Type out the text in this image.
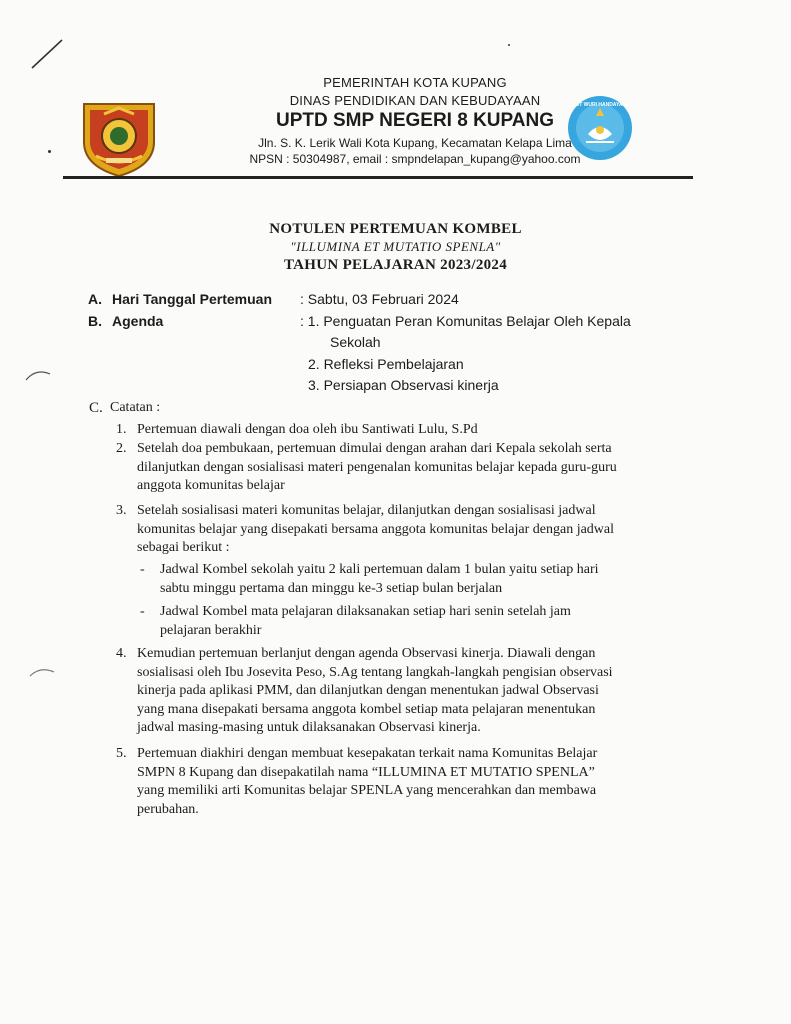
TUT WURI HANDAYANI
PEMERINTAH KOTA KUPANG
DINAS PENDIDIKAN DAN KEBUDAYAAN
UPTD SMP NEGERI 8 KUPANG
Jln. S. K. Lerik Wali Kota Kupang, Kecamatan Kelapa Lima
NPSN : 50304987, email : smpndelapan_kupang@yahoo.com
NOTULEN PERTEMUAN KOMBEL
"ILLUMINA ET MUTATIO SPENLA"
TAHUN PELAJARAN 2023/2024
A. Hari Tanggal Pertemuan : Sabtu, 03 Februari 2024
B. Agenda	: 1. Penguatan Peran Komunitas Belajar Oleh Kepala
Sekolah
2. Refleksi Pembelajaran
3. Persiapan Observasi kinerja
C. Catatan :
1. Pertemuan diawali dengan doa oleh ibu Santiwati Lulu, S.Pd
2. Setelah doa pembukaan, pertemuan dimulai dengan arahan dari Kepala sekolah serta
dilanjutkan dengan sosialisasi materi pengenalan komunitas belajar kepada guru-guru
anggota komunitas belajar
3. Setelah sosialisasi materi komunitas belajar, dilanjutkan dengan sosialisasi jadwal
komunitas belajar yang disepakati bersama anggota komunitas belajar dengan jadwal
sebagai berikut :
- Jadwal Kombel sekolah yaitu 2 kali pertemuan dalam 1 bulan yaitu setiap hari
sabtu minggu pertama dan minggu ke-3 setiap bulan berjalan
- Jadwal Kombel mata pelajaran dilaksanakan setiap hari senin setelah jam
pelajaran berakhir
4. Kemudian pertemuan berlanjut dengan agenda Observasi kinerja. Diawali dengan
sosialisasi oleh Ibu Josevita Peso, S.Ag tentang langkah-langkah pengisian observasi
kinerja pada aplikasi PMM, dan dilanjutkan dengan menentukan jadwal Observasi
yang mana disepakati bersama anggota kombel setiap mata pelajaran menentukan
jadwal masing-masing untuk dilaksanakan Observasi kinerja.
5. Pertemuan diakhiri dengan membuat kesepakatan terkait nama Komunitas Belajar
SMPN 8 Kupang dan disepakatilah nama “ILLUMINA ET MUTATIO SPENLA”
yang memiliki arti Komunitas belajar SPENLA yang mencerahkan dan membawa
perubahan.
